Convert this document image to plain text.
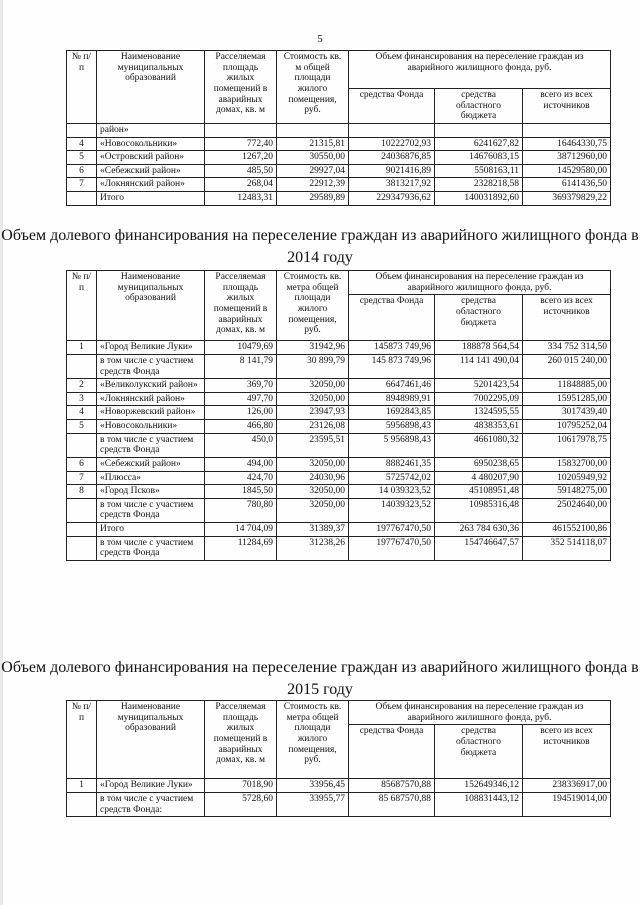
5
№ п/п	Наименование муниципальных образований	Расселяемая площадь жилых помещений в аварийных домах, кв. м	Стоимость кв. м общей площади жилого помещения, руб.	Объем финансирования на переселение граждан из аварийного жилищного фонда, руб.		
				средства Фонда	средства областного бюджета	всего из всех источников
	район»					
4	«Новосокольники»	772,40	21315,81	10222702,93	6241627,82	16464330,75
5	«Островский район»	1267,20	30550,00	24036876,85	14676083,15	38712960,00
6	«Себежский район»	485,50	29927,04	9021416,89	5508163,11	14529580,00
7	«Локнянский район»	268,04	22912,39	3813217,92	2328218,58	6141436,50
	Итого	12483,31	29589,89	229347936,62	140031892,60	369379829,22
Объем долевого финансирования на переселение граждан из аварийного жилищного фонда в 2014 году
№ п/п	Наименование муниципальных образований	Расселяемая площадь жилых помещений в аварийных домах, кв. м	Стоимость кв. метра общей площади жилого помещения, руб.	Объем финансирования на переселение граждан из аварийного жилищного фонда, руб.		
				средства Фонда	средства областного бюджета	всего из всех источников
1	«Город Великие Луки»	10479,69	31942,96	145873 749,96	188878 564,54	334 752 314,50
	в том числе с участием средств Фонда	8 141,79	30 899,79	145 873 749,96	114 141 490,04	260 015 240,00
2	«Великолукский район»	369,70	32050,00	6647461,46	5201423,54	11848885,00
3	«Локнянский район»	497,70	32050,00	8948989,91	7002295,09	15951285,00
4	«Новоржевский район»	126,00	23947,93	1692843,85	1324595,55	3017439,40
5	«Новосокольники»	466,80	23126,08	5956898,43	4838353,61	10795252,04
	в том числе с участием средств Фонда	450,0	23595,51	5 956898,43	4661080,32	10617978,75
6	«Себежский район»	494,00	32050,00	8882461,35	6950238,65	15832700,00
7	«Плюсса»	424,70	24030,96	5725742,02	4 480207,90	10205949,92
8	«Город Псков»	1845,50	32050,00	14 039323,52	45108951,48	59148275,00
	в том числе с участием средств Фонда	780,80	32050,00	14039323,52	10985316,48	25024640,00
	Итого	14 704,09	31389,37	197767470,50	263 784 630,36	461552100,86
	в том числе с участием средств Фонда	11284,69	31238,26	197767470,50	154746647,57	352 514118,07
Объем долевого финансирования на переселение граждан из аварийного жилищного фонда в 2015 году
№ п/п	Наименование муниципальных образований	Расселяемая площадь жилых помещений в аварийных домах, кв. м	Стоимость кв. метра общей площади жилого помещения, руб.	Объем финансирования на переселение граждан из аварийного жилишного фонда, руб.		
				средства Фонда	средства областного бюджета	всего из всех источников
1	«Город Великие Луки»	7018,90	33956,45	85687570,88	152649346,12	238336917,00
	в том числе с участием средств Фонда:	5728,60	33955,77	85 687570,88	108831443,12	194519014,00
